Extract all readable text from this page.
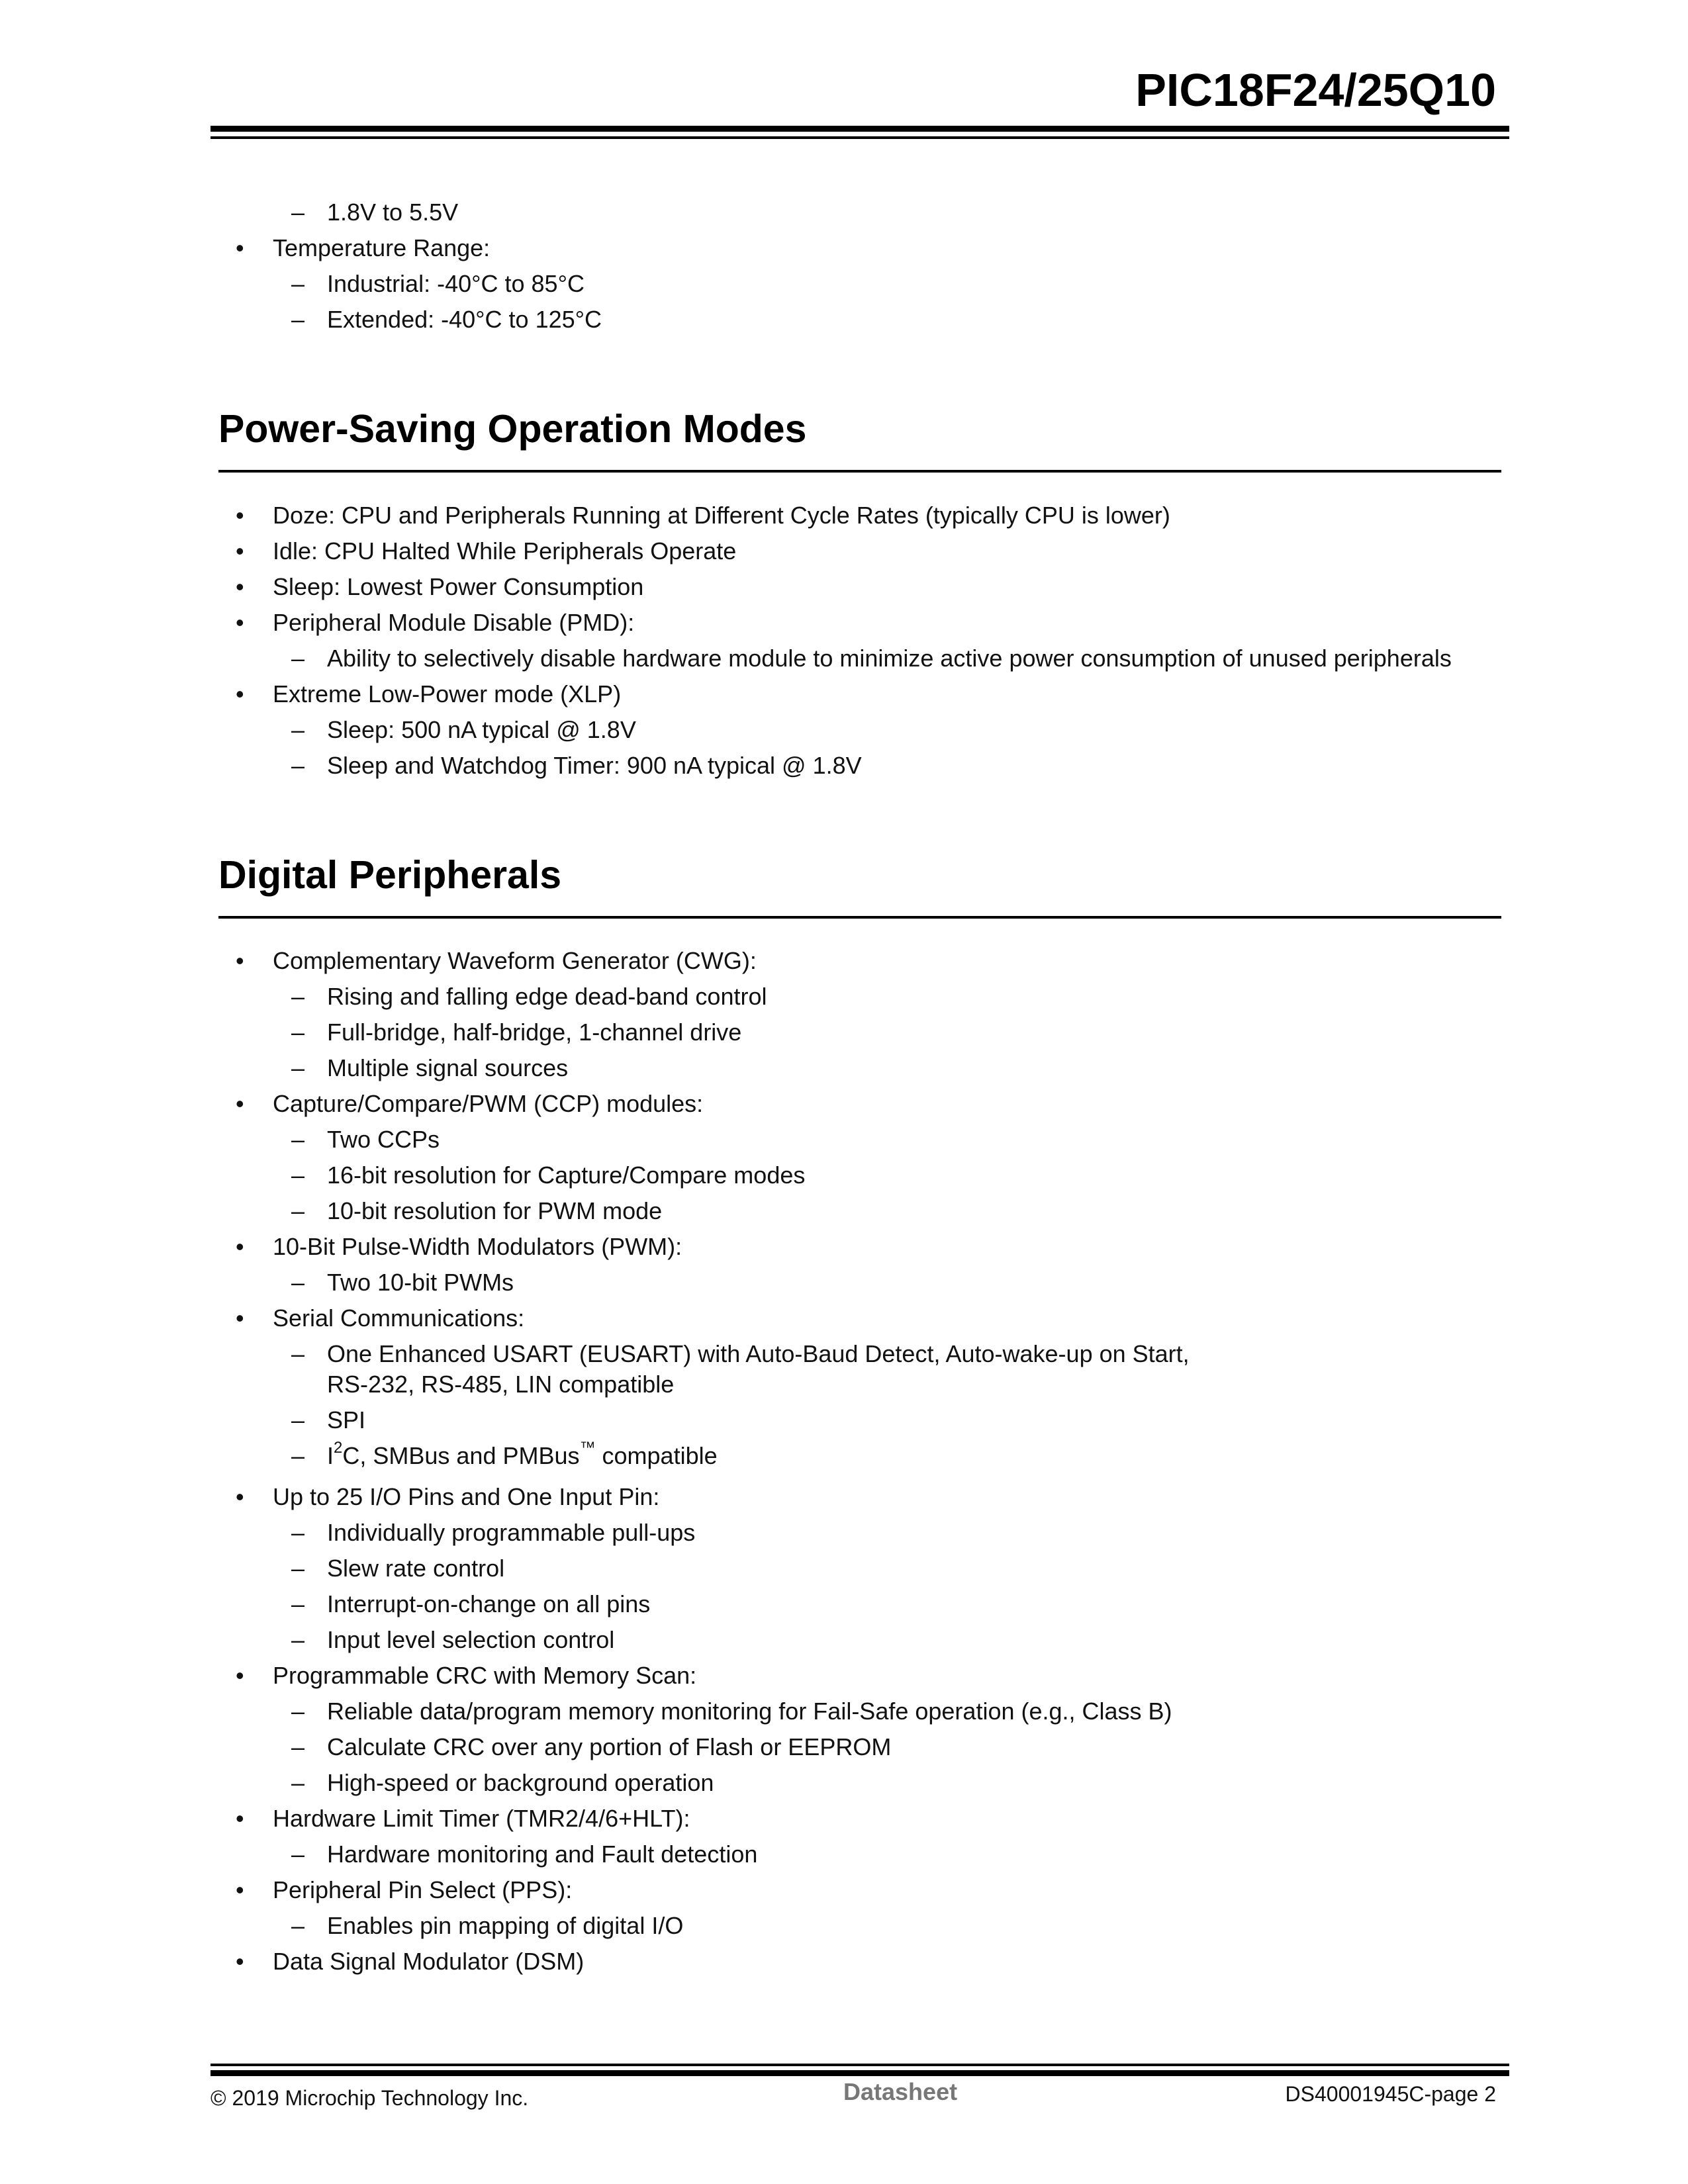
PIC18F24/25Q10
– 1.8V to 5.5V
• Temperature Range:
– Industrial: -40°C to 85°C
– Extended: -40°C to 125°C
Power-Saving Operation Modes
• Doze: CPU and Peripherals Running at Different Cycle Rates (typically CPU is lower)
• Idle: CPU Halted While Peripherals Operate
• Sleep: Lowest Power Consumption
• Peripheral Module Disable (PMD):
– Ability to selectively disable hardware module to minimize active power consumption of unused peripherals
• Extreme Low-Power mode (XLP)
– Sleep: 500 nA typical @ 1.8V
– Sleep and Watchdog Timer: 900 nA typical @ 1.8V
Digital Peripherals
• Complementary Waveform Generator (CWG):
– Rising and falling edge dead-band control
– Full-bridge, half-bridge, 1-channel drive
– Multiple signal sources
• Capture/Compare/PWM (CCP) modules:
– Two CCPs
– 16-bit resolution for Capture/Compare modes
– 10-bit resolution for PWM mode
• 10-Bit Pulse-Width Modulators (PWM):
– Two 10-bit PWMs
• Serial Communications:
– One Enhanced USART (EUSART) with Auto-Baud Detect, Auto-wake-up on Start,
RS-232, RS-485, LIN compatible
– SPI
– $I^2C$, SMBus and PMBus™ compatible
• Up to 25 I/O Pins and One Input Pin:
– Individually programmable pull-ups
– Slew rate control
– Interrupt-on-change on all pins
– Input level selection control
• Programmable CRC with Memory Scan:
– Reliable data/program memory monitoring for Fail-Safe operation (e.g., Class B)
– Calculate CRC over any portion of Flash or EEPROM
– High-speed or background operation
• Hardware Limit Timer (TMR2/4/6+HLT):
– Hardware monitoring and Fault detection
• Peripheral Pin Select (PPS):
– Enables pin mapping of digital I/O
• Data Signal Modulator (DSM)
© 2019 Microchip Technology Inc.	Datasheet	DS40001945C-page 2
